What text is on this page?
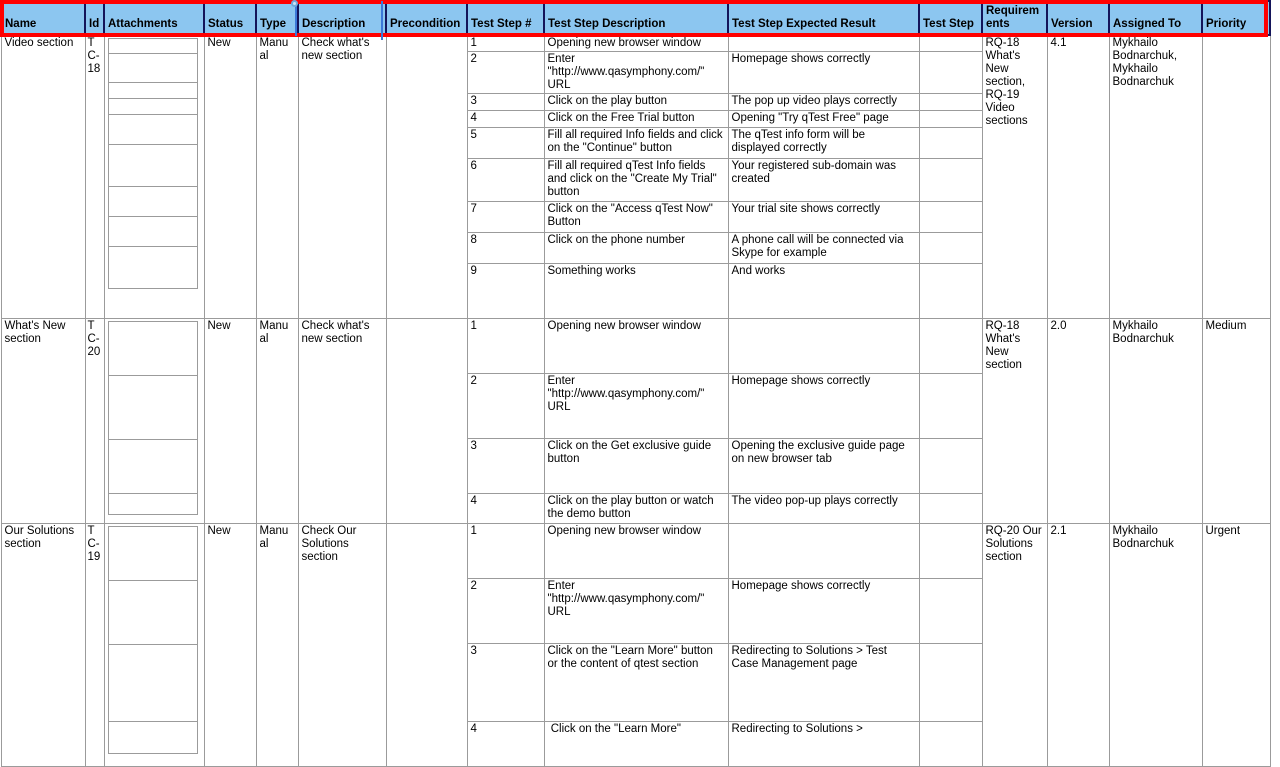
Name	Id	Attachments	Status	Type	Description	Precondition	Test Step #	Test Step Description	Test Step Expected Result	Test Step	Requirements	Version	Assigned To	Priority
Video section	TC-18		New	Manual	Check what's new section		1	Opening new browser window			RQ-18 What's New section, RQ-19 Video sections	4.1	Mykhailo Bodnarchuk, Mykhailo Bodnarchuk	
							2	Enter "http://www.qasymphony.com/" URL	Homepage shows correctly					
							3	Click on the play button	The pop up video plays correctly					
							4	Click on the Free Trial button	Opening "Try qTest Free" page					
							5	Fill all required Info fields and click on the "Continue" button	The qTest info form will be displayed correctly					
							6	Fill all required qTest Info fields and click on the "Create My Trial" button	Your registered sub-domain was created					
							7	Click on the "Access qTest Now" Button	Your trial site shows correctly					
							8	Click on the phone number	A phone call will be connected via Skype for example					
							9	Something works	And works					
What's New section	TC-20		New	Manual	Check what's new section		1	Opening new browser window			RQ-18 What's New section	2.0	Mykhailo Bodnarchuk	Medium
							2	Enter "http://www.qasymphony.com/" URL	Homepage shows correctly					
							3	Click on the Get exclusive guide button	Opening the exclusive guide page on new browser tab					
							4	Click on the play button or watch the demo button	The video pop-up plays correctly					
Our Solutions section	TC-19		New	Manual	Check Our Solutions section		1	Opening new browser window			RQ-20 Our Solutions section	2.1	Mykhailo Bodnarchuk	Urgent
							2	Enter "http://www.qasymphony.com/" URL	Homepage shows correctly					
							3	Click on the "Learn More" button or the content of qtest section	Redirecting to Solutions > Test Case Management page					
							4	Click on the "Learn More"	Redirecting to Solutions >					
